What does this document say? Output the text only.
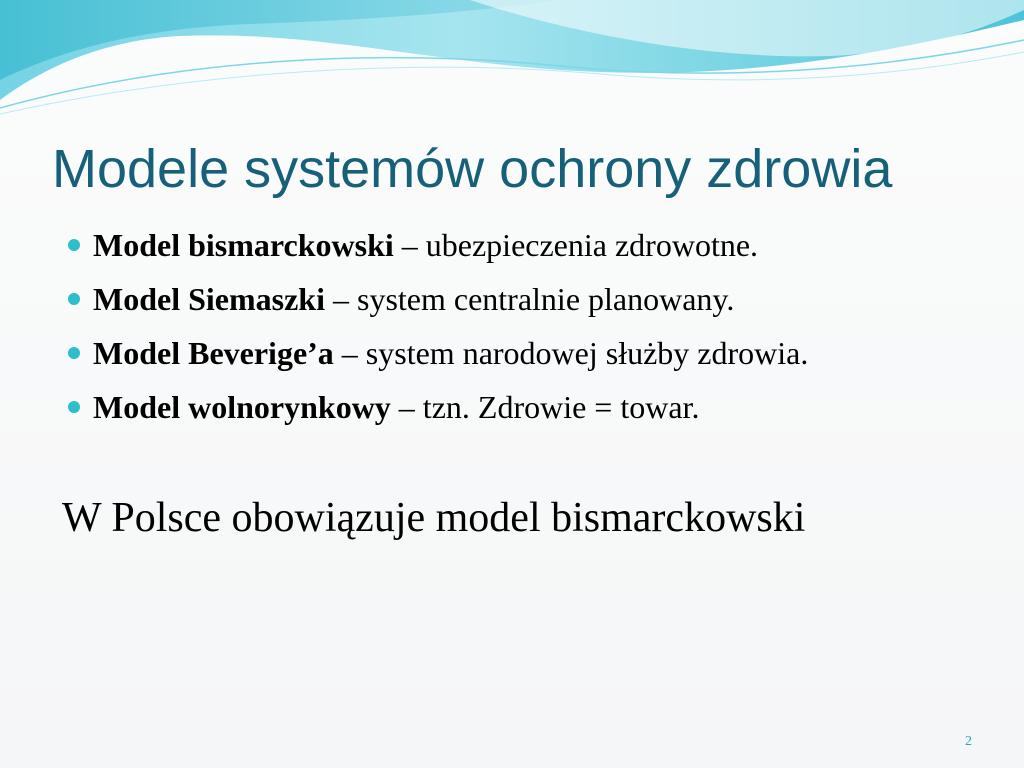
Modele systemów ochrony zdrowia
Model bismarckowski – ubezpieczenia zdrowotne.
Model Siemaszki – system centralnie planowany.
Model Beverige’a – system narodowej służby zdrowia.
Model wolnorynkowy – tzn. Zdrowie = towar.

W Polsce obowiązuje model bismarckowski

2
